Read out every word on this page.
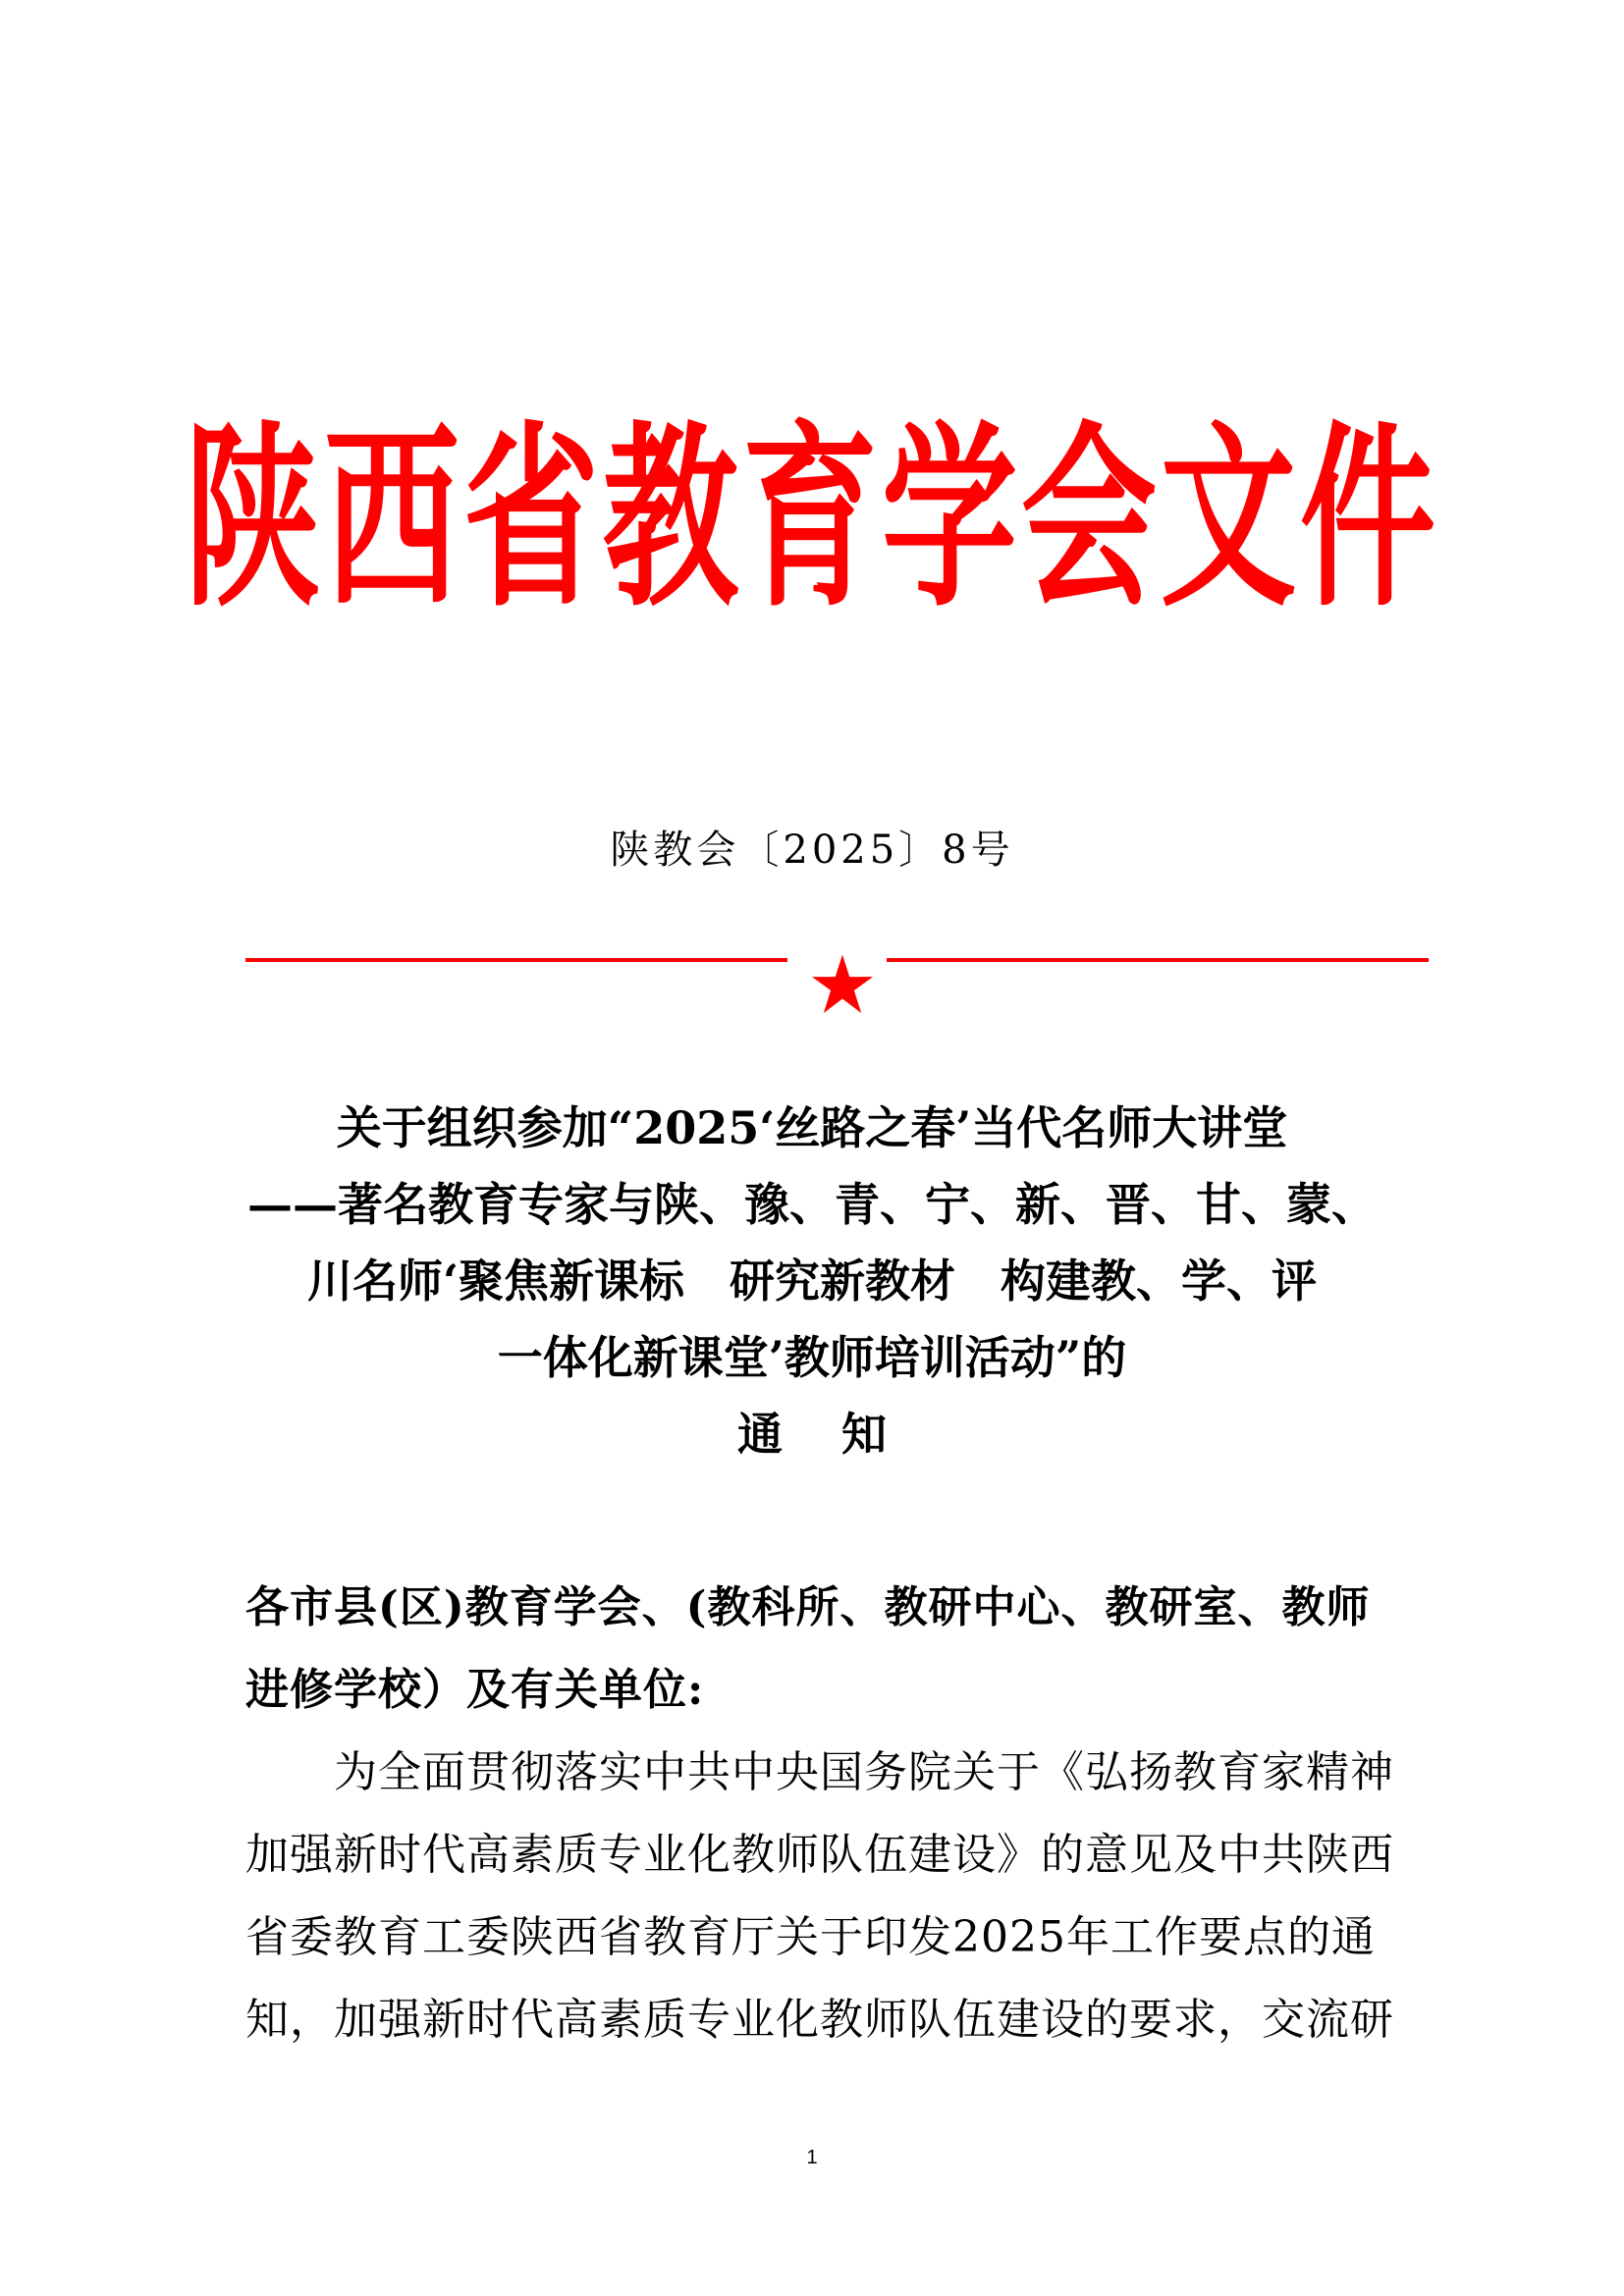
陕西省教育学会文件
陕教会〔2025〕8号
关于组织参加“2025‘丝路之春’当代名师大讲堂
——著名教育专家与陕、豫、青、宁、新、晋、甘、蒙、
川名师‘聚焦新课标　研究新教材　构建教、学、评
一体化新课堂’教师培训活动”的
通知
各市县(区)教育学会、(教科所、教研中心、教研室、教师
进修学校）及有关单位:
　　为全面贯彻落实中共中央国务院关于《弘扬教育家精神
加强新时代高素质专业化教师队伍建设》的意见及中共陕西
省委教育工委陕西省教育厅关于印发2025年工作要点的通
知，加强新时代高素质专业化教师队伍建设的要求，交流研
1
